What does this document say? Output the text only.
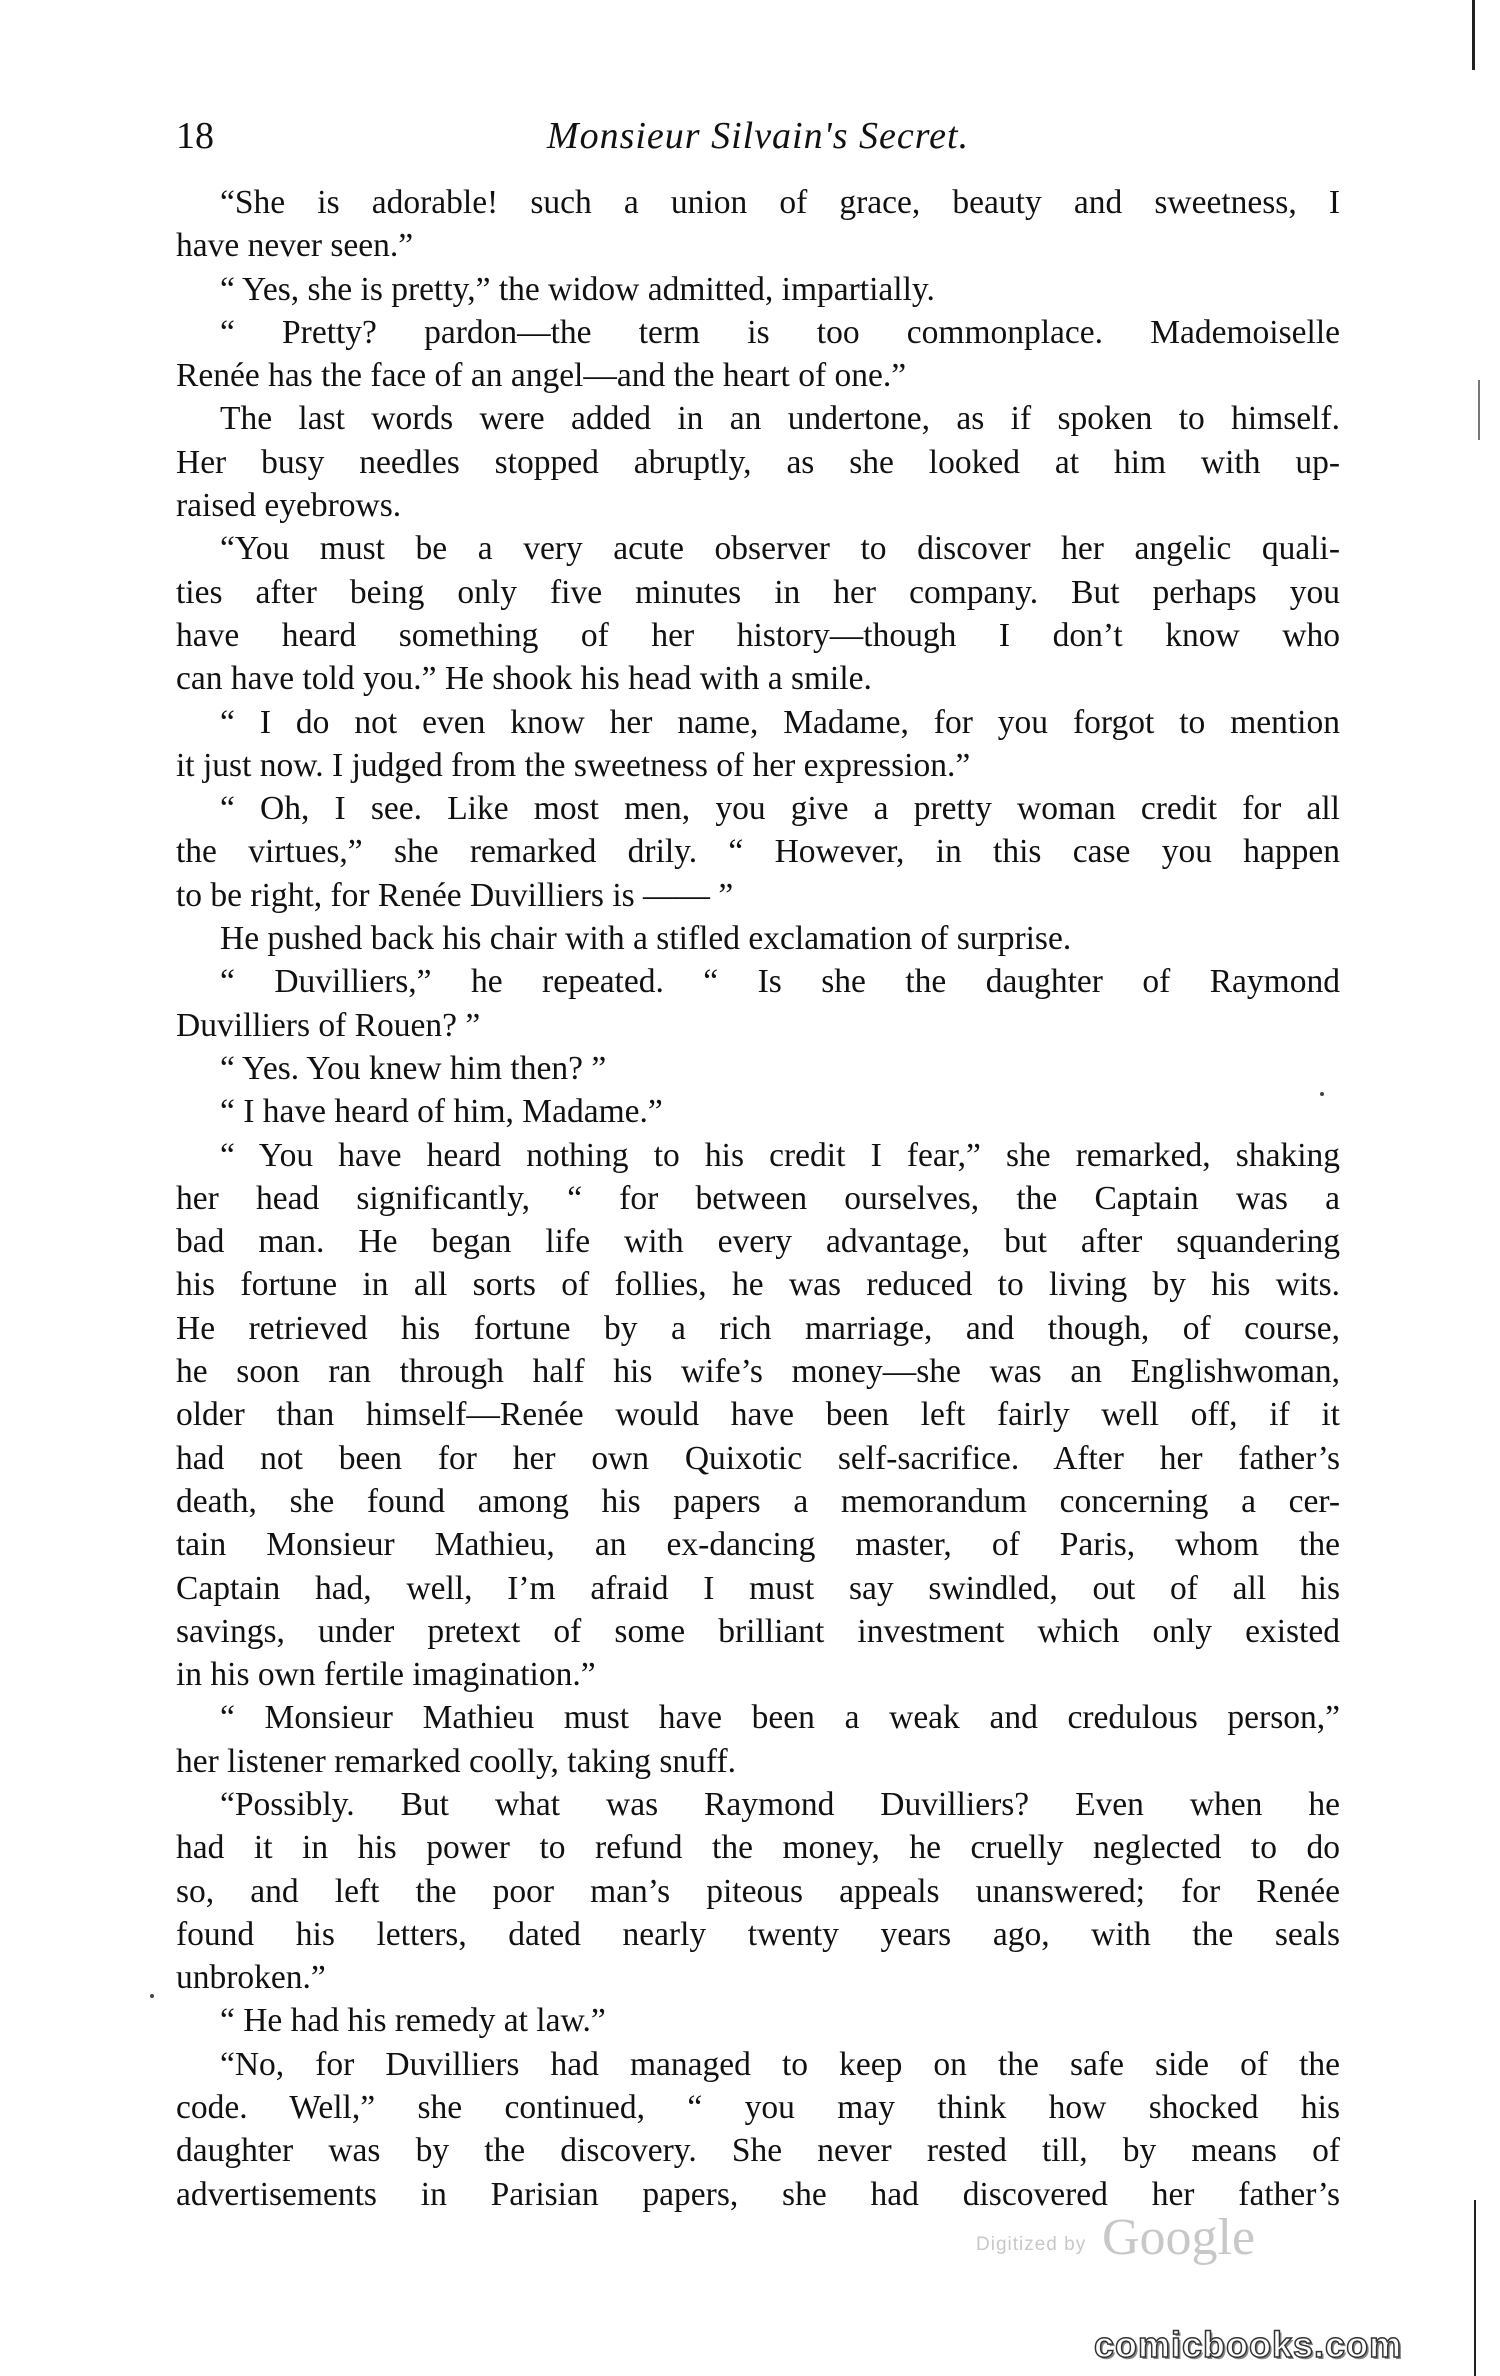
18	Monsieur Silvain's Secret.
“She is adorable! such a union of grace, beauty and sweetness, I
have never seen.”
“ Yes, she is pretty,” the widow admitted, impartially.
“ Pretty? pardon—the term is too commonplace. Mademoiselle
Renée has the face of an angel—and the heart of one.”
The last words were added in an undertone, as if spoken to himself.
Her busy needles stopped abruptly, as she looked at him with up-
raised eyebrows.
“You must be a very acute observer to discover her angelic quali-
ties after being only five minutes in her company. But perhaps you
have heard something of her history—though I don’t know who
can have told you.” He shook his head with a smile.
“ I do not even know her name, Madame, for you forgot to mention
it just now. I judged from the sweetness of her expression.”
“ Oh, I see. Like most men, you give a pretty woman credit for all
the virtues,” she remarked drily. “ However, in this case you happen
to be right, for Renée Duvilliers is —— ”
He pushed back his chair with a stifled exclamation of surprise.
“ Duvilliers,” he repeated. “ Is she the daughter of Raymond
Duvilliers of Rouen? ”
“ Yes. You knew him then? ”
“ I have heard of him, Madame.”
“ You have heard nothing to his credit I fear,” she remarked, shaking
her head significantly, “ for between ourselves, the Captain was a
bad man. He began life with every advantage, but after squandering
his fortune in all sorts of follies, he was reduced to living by his wits.
He retrieved his fortune by a rich marriage, and though, of course,
he soon ran through half his wife’s money—she was an Englishwoman,
older than himself—Renée would have been left fairly well off, if it
had not been for her own Quixotic self-sacrifice. After her father’s
death, she found among his papers a memorandum concerning a cer-
tain Monsieur Mathieu, an ex-dancing master, of Paris, whom the
Captain had, well, I’m afraid I must say swindled, out of all his
savings, under pretext of some brilliant investment which only existed
in his own fertile imagination.”
“ Monsieur Mathieu must have been a weak and credulous person,”
her listener remarked coolly, taking snuff.
“Possibly. But what was Raymond Duvilliers? Even when he
had it in his power to refund the money, he cruelly neglected to do
so, and left the poor man’s piteous appeals unanswered; for Renée
found his letters, dated nearly twenty years ago, with the seals
unbroken.”
“ He had his remedy at law.”
“No, for Duvilliers had managed to keep on the safe side of the
code. Well,” she continued, “ you may think how shocked his
daughter was by the discovery. She never rested till, by means of
advertisements in Parisian papers, she had discovered her father’s
Digitized by Google
comicbooks.com
